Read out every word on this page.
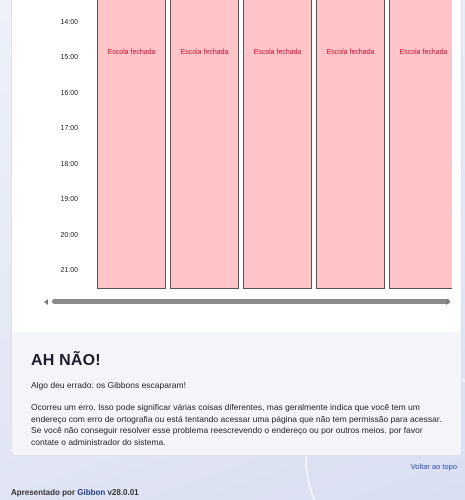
14:00
15:00
16:00
17:00
18:00
19:00
20:00
21:00
Escola fechada	Escola fechada	Escola fechada	Escola fechada	Escola fechada
AH NÃO!
Algo deu errado: os Gibbons escaparam!
Ocorreu um erro. Isso pode significar várias coisas diferentes, mas geralmente indica que você tem um endereço com erro de ortografia ou está tentando acessar uma página que não tem permissão para acessar. Se você não conseguir resolver esse problema reescrevendo o endereço ou por outros meios. por favor contate o administrador do sistema.
Voltar ao topo
Apresentado por Gibbon v28.0.01
